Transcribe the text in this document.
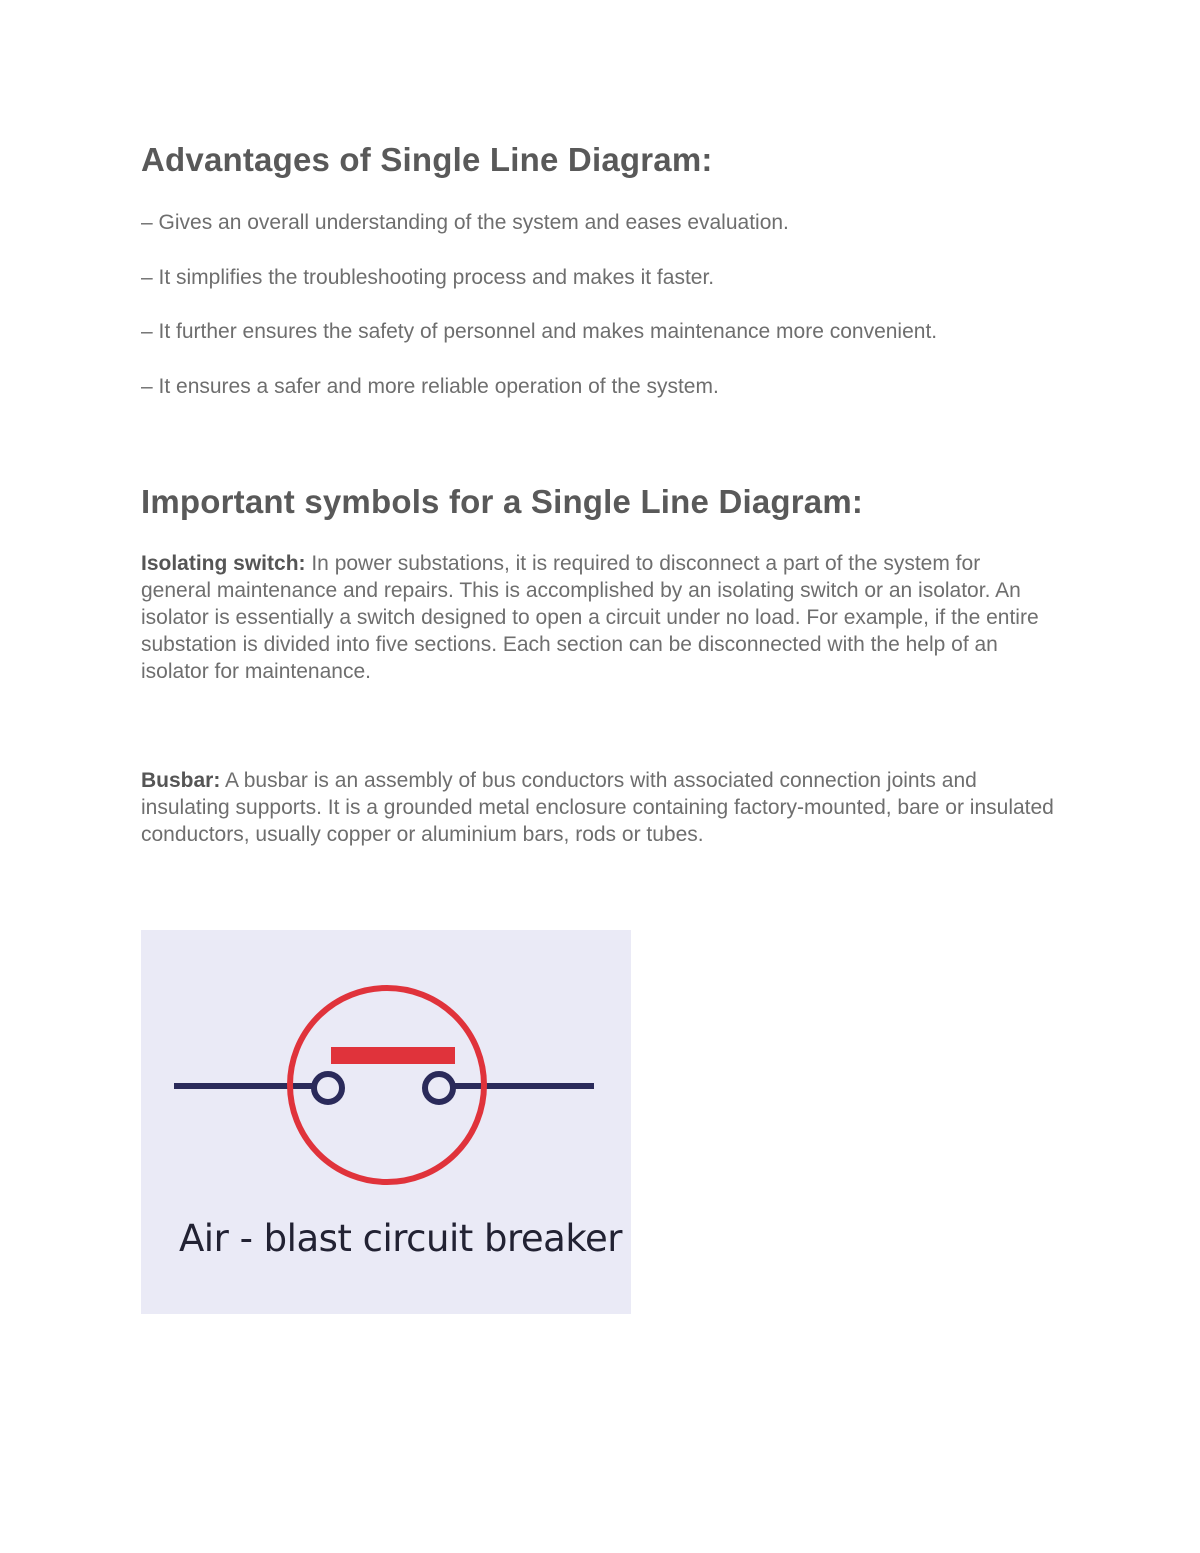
Advantages of Single Line Diagram:
– Gives an overall understanding of the system and eases evaluation.
– It simplifies the troubleshooting process and makes it faster.
– It further ensures the safety of personnel and makes maintenance more convenient.
– It ensures a safer and more reliable operation of the system.
Important symbols for a Single Line Diagram:
Isolating switch: In power substations, it is required to disconnect a part of the system for general maintenance and repairs. This is accomplished by an isolating switch or an isolator. An isolator is essentially a switch designed to open a circuit under no load. For example, if the entire substation is divided into five sections. Each section can be disconnected with the help of an isolator for maintenance.
Busbar: A busbar is an assembly of bus conductors with associated connection joints and insulating supports. It is a grounded metal enclosure containing factory-mounted, bare or insulated conductors, usually copper or aluminium bars, rods or tubes.
Air - blast circuit breaker
